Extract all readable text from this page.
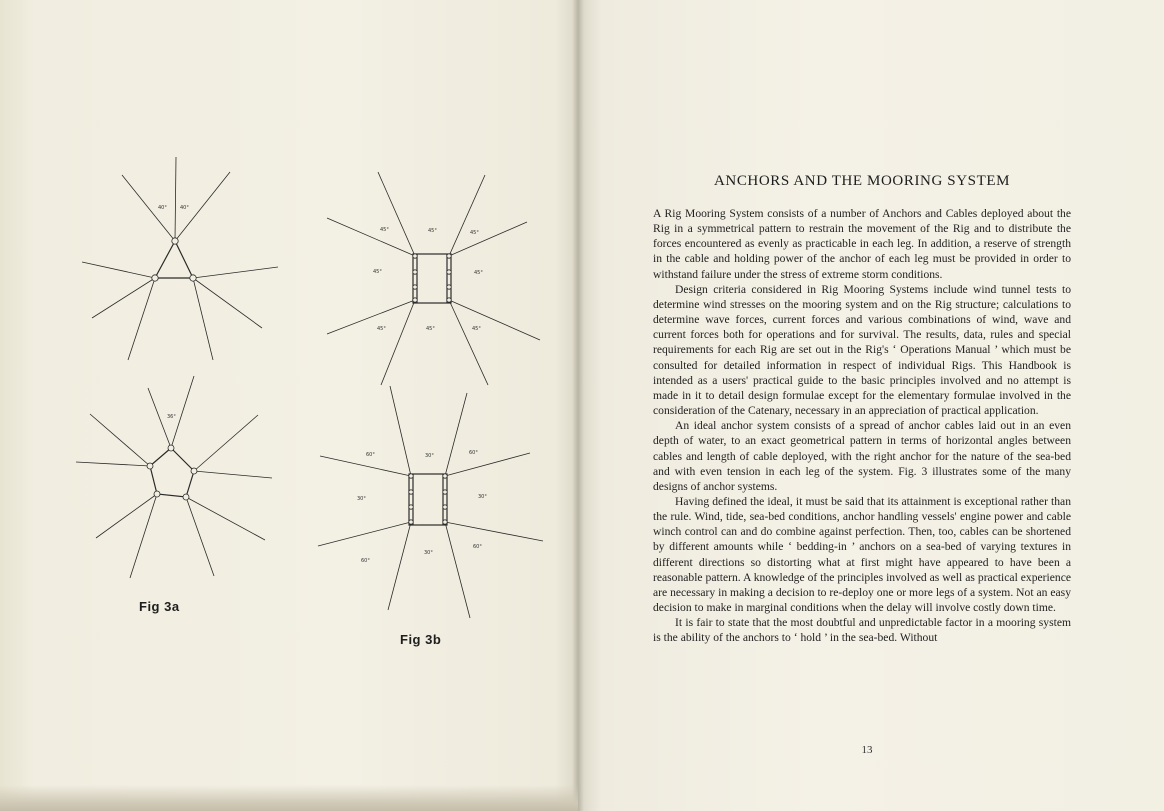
40°	40°
36°
45°	45°	45°
45°	45°
45°	45°	45°
60°	30°	60°
30°	30°
60°
30°
60°
Fig 3a
Fig 3b
ANCHORS AND THE MOORING SYSTEM

A Rig Mooring System consists of a number of Anchors and Cables deployed about the Rig in a symmetrical pattern to restrain the movement of the Rig and to distribute the forces encountered as evenly as practicable in each leg. In addition, a reserve of strength in the cable and holding power of the anchor of each leg must be provided in order to withstand failure under the stress of extreme storm conditions.

Design criteria considered in Rig Mooring Systems include wind tunnel tests to determine wind stresses on the mooring system and on the Rig structure; calculations to determine wave forces, current forces and various combinations of wind, wave and current forces both for operations and for survival. The results, data, rules and special requirements for each Rig are set out in the Rig's ‘ Operations Manual ’ which must be consulted for detailed information in respect of individual Rigs. This Handbook is intended as a users' practical guide to the basic principles involved and no attempt is made in it to detail design formulae except for the elementary formulae involved in the consideration of the Catenary, necessary in an appreciation of practical application.

An ideal anchor system consists of a spread of anchor cables laid out in an even depth of water, to an exact geometrical pattern in terms of horizontal angles between cables and length of cable deployed, with the right anchor for the nature of the sea-bed and with even tension in each leg of the system. Fig. 3 illustrates some of the many designs of anchor systems.

Having defined the ideal, it must be said that its attainment is exceptional rather than the rule. Wind, tide, sea-bed conditions, anchor handling vessels' engine power and cable winch control can and do combine against perfection. Then, too, cables can be shortened by different amounts while ‘ bedding-in ’ anchors on a sea-bed of varying textures in different directions so distorting what at first might have appeared to have been a reasonable pattern. A knowledge of the principles involved as well as practical experience are necessary in making a decision to re-deploy one or more legs of a system. Not an easy decision to make in marginal conditions when the delay will involve costly down time.

It is fair to state that the most doubtful and unpredictable factor in a mooring system is the ability of the anchors to ‘ hold ’ in the sea-bed. Without

13
